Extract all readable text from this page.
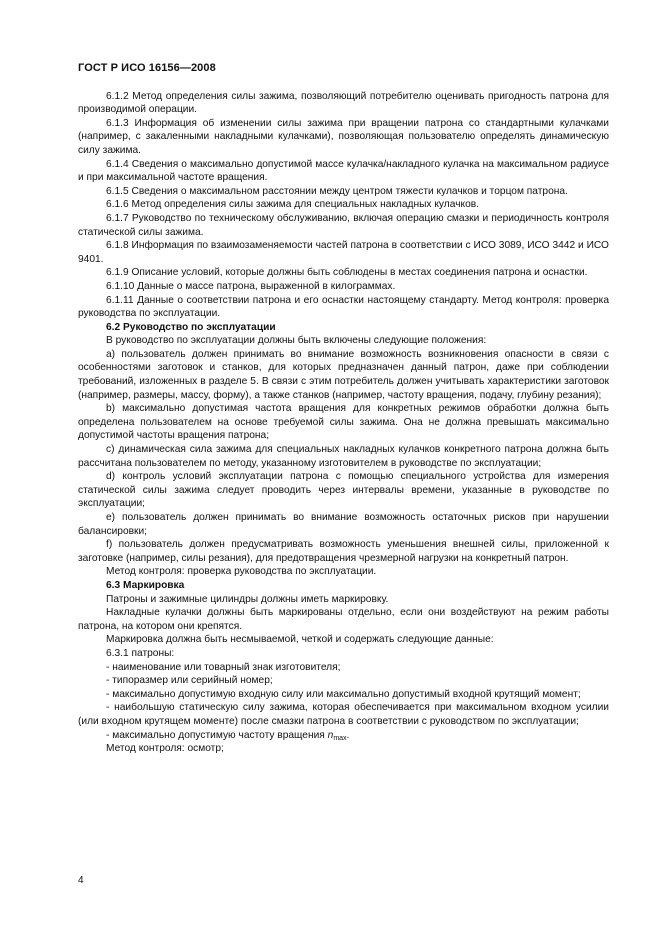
ГОСТ Р ИСО 16156—2008

6.1.2 Метод определения силы зажима, позволяющий потребителю оценивать пригодность патрона для производимой операции.

6.1.3 Информация об изменении силы зажима при вращении патрона со стандартными кулачками (например, с закаленными накладными кулачками), позволяющая пользователю определять динамическую силу зажима.

6.1.4 Сведения о максимально допустимой массе кулачка/накладного кулачка на максимальном радиусе и при максимальной частоте вращения.

6.1.5 Сведения о максимальном расстоянии между центром тяжести кулачков и торцом патрона.

6.1.6 Метод определения силы зажима для специальных накладных кулачков.

6.1.7 Руководство по техническому обслуживанию, включая операцию смазки и периодичность контроля статической силы зажима.

6.1.8 Информация по взаимозаменяемости частей патрона в соответствии с ИСО 3089, ИСО 3442 и ИСО 9401.

6.1.9 Описание условий, которые должны быть соблюдены в местах соединения патрона и оснастки.

6.1.10 Данные о массе патрона, выраженной в килограммах.

6.1.11 Данные о соответствии патрона и его оснастки настоящему стандарту. Метод контроля: проверка руководства по эксплуатации.

6.2 Руководство по эксплуатации

В руководство по эксплуатации должны быть включены следующие положения:

a) пользователь должен принимать во внимание возможность возникновения опасности в связи с особенностями заготовок и станков, для которых предназначен данный патрон, даже при соблюдении требований, изложенных в разделе 5. В связи с этим потребитель должен учитывать характеристики заготовок (например, размеры, массу, форму), а также станков (например, частоту вращения, подачу, глубину резания);

b) максимально допустимая частота вращения для конкретных режимов обработки должна быть определена пользователем на основе требуемой силы зажима. Она не должна превышать максимально допустимой частоты вращения патрона;

c) динамическая сила зажима для специальных накладных кулачков конкретного патрона должна быть рассчитана пользователем по методу, указанному изготовителем в руководстве по эксплуатации;

d) контроль условий эксплуатации патрона с помощью специального устройства для измерения статической силы зажима следует проводить через интервалы времени, указанные в руководстве по эксплуатации;

e) пользователь должен принимать во внимание возможность остаточных рисков при нарушении балансировки;

f) пользователь должен предусматривать возможность уменьшения внешней силы, приложенной к заготовке (например, силы резания), для предотвращения чрезмерной нагрузки на конкретный патрон.

Метод контроля: проверка руководства по эксплуатации.

6.3 Маркировка

Патроны и зажимные цилиндры должны иметь маркировку.

Накладные кулачки должны быть маркированы отдельно, если они воздействуют на режим работы патрона, на котором они крепятся.

Маркировка должна быть несмываемой, четкой и содержать следующие данные:

6.3.1 патроны:

- наименование или товарный знак изготовителя;

- типоразмер или серийный номер;

- максимально допустимую входную силу или максимально допустимый входной крутящий момент;

- наибольшую статическую силу зажима, которая обеспечивается при максимальном входном усилии (или входном крутящем моменте) после смазки патрона в соответствии с руководством по эксплуатации;

- максимально допустимую частоту вращения $n_{max}$.

Метод контроля: осмотр;

4
